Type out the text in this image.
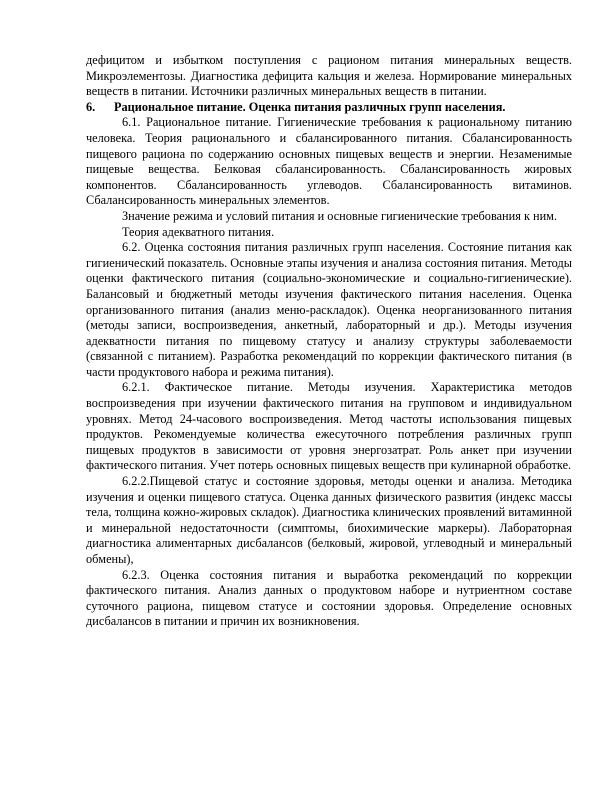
дефицитом и избытком поступления с рационом питания минеральных веществ. Микроэлементозы. Диагностика дефицита кальция и железа. Нормирование минеральных веществ в питании. Источники различных минеральных веществ в питании.

6.	Рациональное питание. Оценка питания различных групп населения.

6.1. Рациональное питание. Гигиенические требования к рациональному питанию человека. Теория рационального и сбалансированного питания. Сбалансированность пищевого рациона по содержанию основных пищевых веществ и энергии. Незаменимые пищевые вещества. Белковая сбалансированность. Сбалансированность жировых компонентов. Сбалансированность углеводов. Сбалансированность витаминов. Сбалансированность минеральных элементов.

Значение режима и условий питания и основные гигиенические требования к ним.

Теория адекватного питания.

6.2. Оценка состояния питания различных групп населения. Состояние питания как гигиенический показатель. Основные этапы изучения и анализа состояния питания. Методы оценки фактического питания (социально-экономические и социально-гигиенические). Балансовый и бюджетный методы изучения фактического питания населения. Оценка организованного питания (анализ меню-раскладок). Оценка неорганизованного питания (методы записи, воспроизведения, анкетный, лабораторный и др.). Методы изучения адекватности питания по пищевому статусу и анализу структуры заболеваемости (связанной с питанием). Разработка рекомендаций по коррекции фактического питания (в части продуктового набора и режима питания).

6.2.1. Фактическое питание. Методы изучения. Характеристика методов воспроизведения при изучении фактического питания на групповом и индивидуальном уровнях. Метод 24-часового воспроизведения. Метод частоты использования пищевых продуктов. Рекомендуемые количества ежесуточного потребления различных групп пищевых продуктов в зависимости от уровня энергозатрат. Роль анкет при изучении фактического питания. Учет потерь основных пищевых веществ при кулинарной обработке.

6.2.2.Пищевой статус и состояние здоровья, методы оценки и анализа. Методика изучения и оценки пищевого статуса. Оценка данных физического развития (индекс массы тела, толщина кожно-жировых складок). Диагностика клинических проявлений витаминной и минеральной недостаточности (симптомы, биохимические маркеры). Лабораторная диагностика алиментарных дисбалансов (белковый, жировой, углеводный и минеральный обмены),

6.2.3. Оценка состояния питания и выработка рекомендаций по коррекции фактического питания. Анализ данных о продуктовом наборе и нутриентном составе суточного рациона, пищевом статусе и состоянии здоровья. Определение основных дисбалансов в питании и причин их возникновения.
